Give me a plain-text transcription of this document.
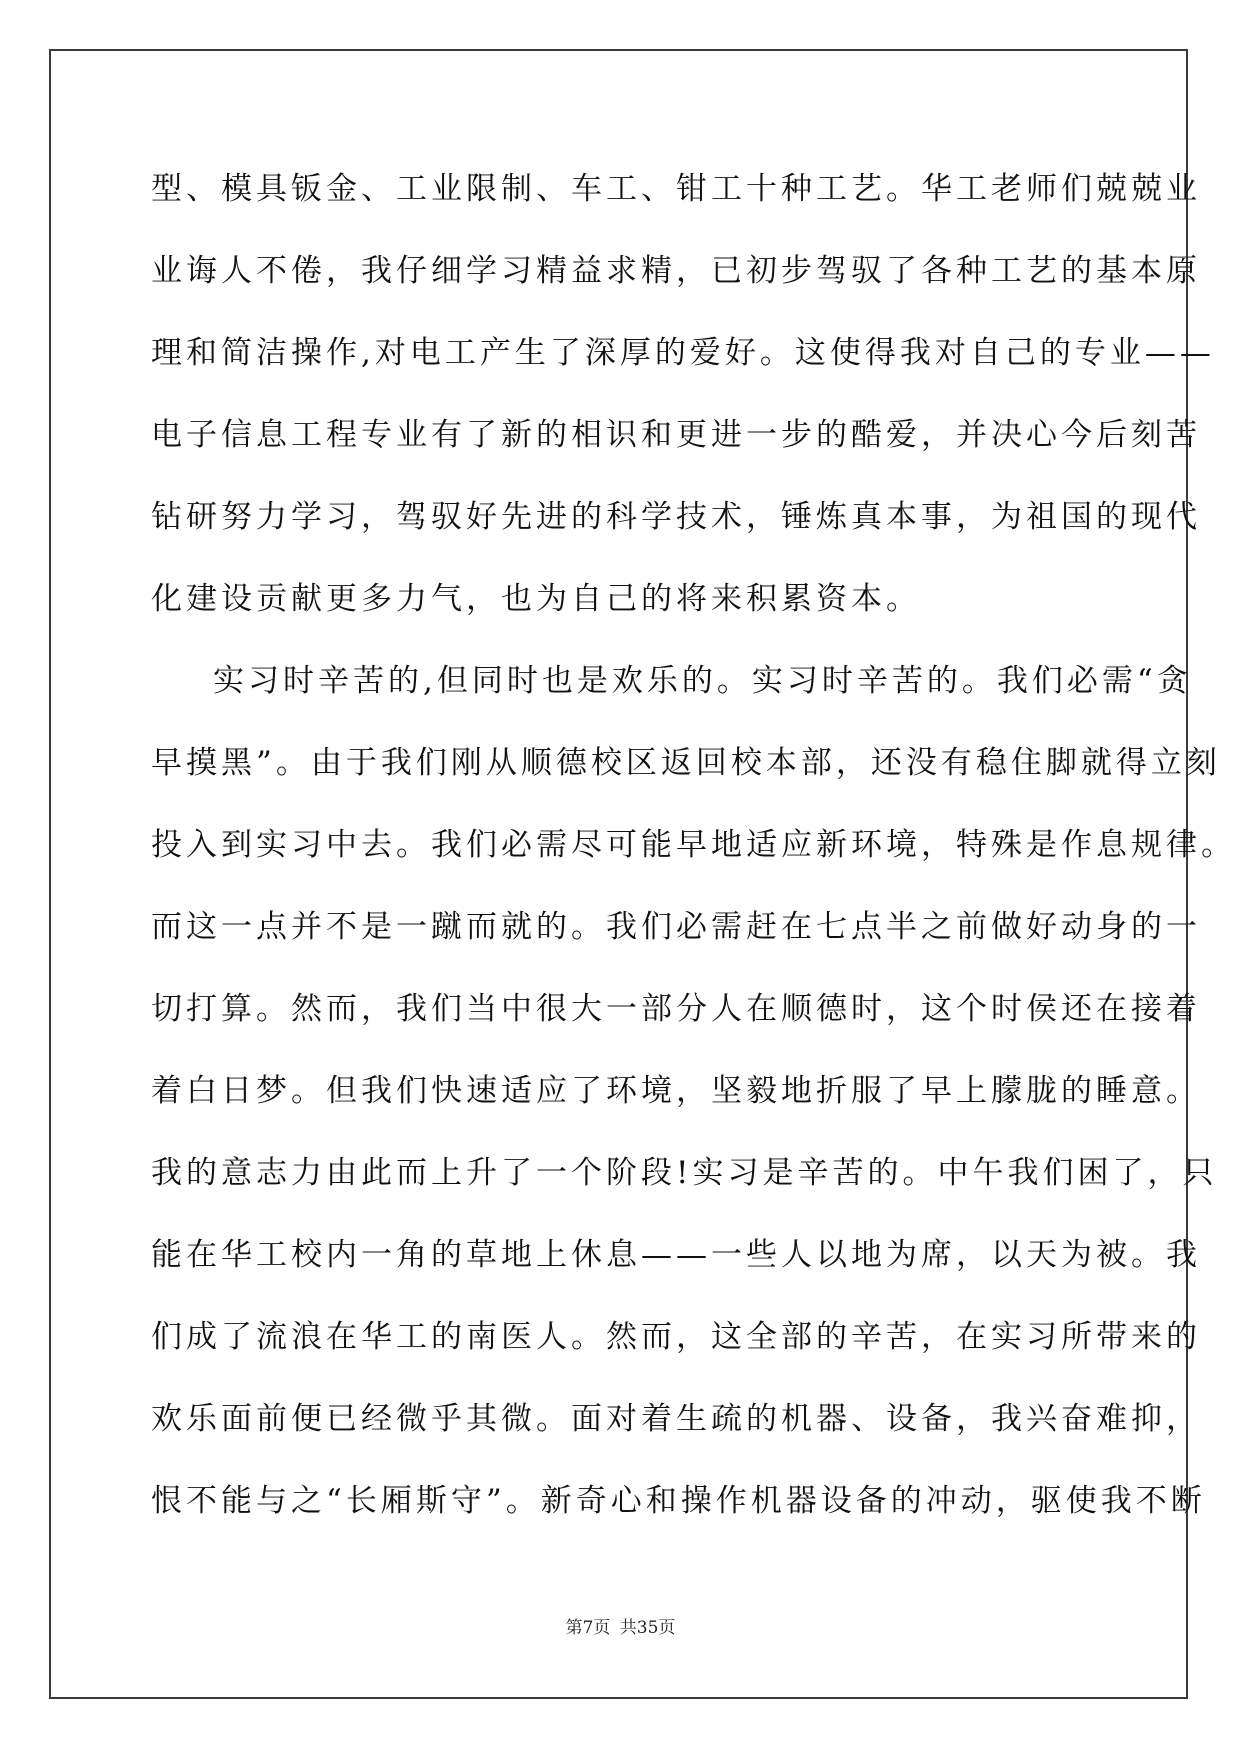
型、模具钣金、工业限制、车工、钳工十种工艺。华工老师们兢兢业
业诲人不倦，我仔细学习精益求精，已初步驾驭了各种工艺的基本原
理和简洁操作,对电工产生了深厚的爱好。这使得我对自己的专业——
电子信息工程专业有了新的相识和更进一步的酷爱，并决心今后刻苦
钻研努力学习，驾驭好先进的科学技术，锤炼真本事，为祖国的现代
化建设贡献更多力气，也为自己的将来积累资本。
实习时辛苦的,但同时也是欢乐的。实习时辛苦的。我们必需“贪
早摸黑”。由于我们刚从顺德校区返回校本部，还没有稳住脚就得立刻
投入到实习中去。我们必需尽可能早地适应新环境，特殊是作息规律。
而这一点并不是一蹴而就的。我们必需赶在七点半之前做好动身的一
切打算。然而，我们当中很大一部分人在顺德时，这个时侯还在接着
着白日梦。但我们快速适应了环境，坚毅地折服了早上朦胧的睡意。
我的意志力由此而上升了一个阶段!实习是辛苦的。中午我们困了，只
能在华工校内一角的草地上休息——一些人以地为席，以天为被。我
们成了流浪在华工的南医人。然而，这全部的辛苦，在实习所带来的
欢乐面前便已经微乎其微。面对着生疏的机器、设备，我兴奋难抑，
恨不能与之“长厢斯守”。新奇心和操作机器设备的冲动，驱使我不断
第7页 共35页
